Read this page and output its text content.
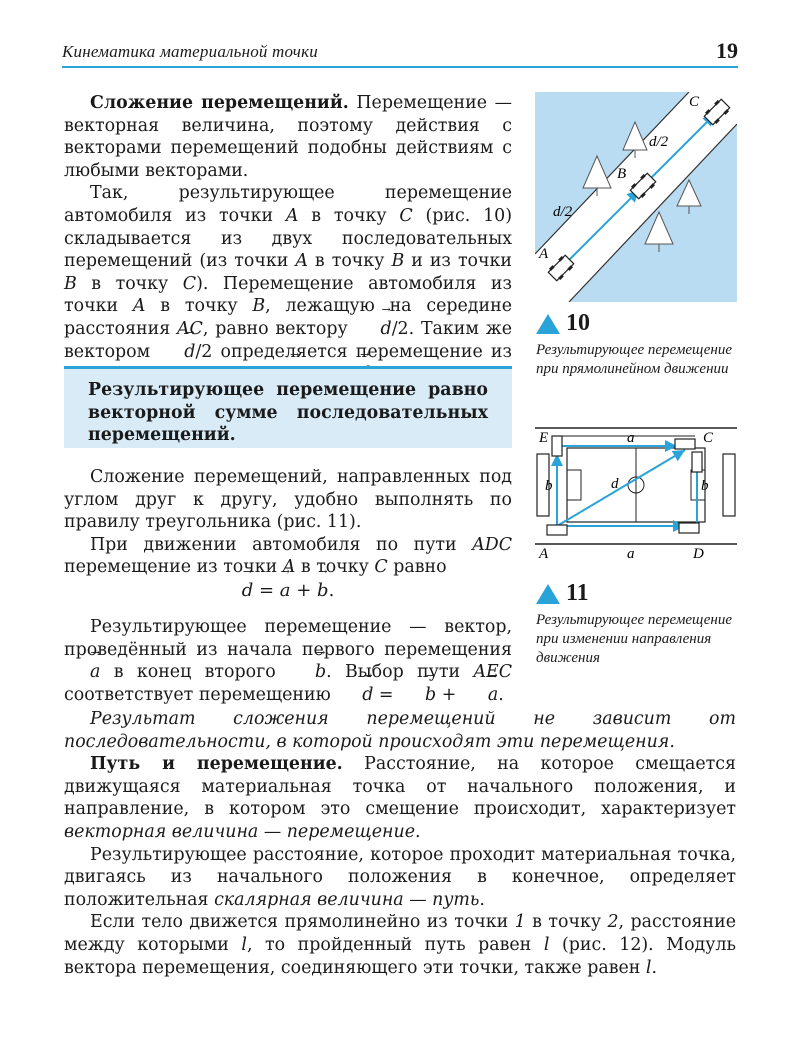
Кинематика материальной точки	19

Сложение перемещений. Перемещение — векторная величина, поэтому действия с векторами перемещений подобны действиям с любыми векторами.

Так, результирующее перемещение автомобиля из точки A в точку C (рис. 10) складывается из двух последовательных перемещений (из точки A в точку B и из точки B в точку C). Перемещение автомобиля из точки A в точку B, лежащую на середине расстояния AC, равно вектору → d/2. Таким же вектором → d/2 определяется перемещение из →→

Результирующее перемещение равно векторной сумме последовательных перемещений.

Сложение перемещений, направленных под углом друг к другу, удобно выполнять по правилу треугольника (рис. 11).

При движении автомобиля по пути ADC перемещение из точки A в точку C равно

→ d = → a + → b.

Результирующее перемещение — вектор, проведённый из начала первого перемещения → a в конец второго → b. Выбор пути AEC соответствует перемещению → d = → b + → a.

Результат сложения перемещений не зависит от последовательности, в которой происходят эти перемещения.

Путь и перемещение. Расстояние, на которое смещается движущаяся материальная точка от начального положения, и направление, в котором это смещение происходит, характеризует векторная величина — перемещение.

Результирующее расстояние, которое проходит материальная точка, двигаясь из начального положения в конечное, определяет положительная скалярная величина — путь.

Если тело движется прямолинейно из точки 1 в точку 2, расстояние между которыми l, то пройденный путь равен l (рис. 12). Модуль вектора перемещения, соединяющего эти точки, также равен l.

A
B
C
d/2
d/2
10
Результирующее перемещение при прямолинейном движении
E	C
A	D
a
a
b	b
d
11
Результирующее перемещение при изменении направления движения
